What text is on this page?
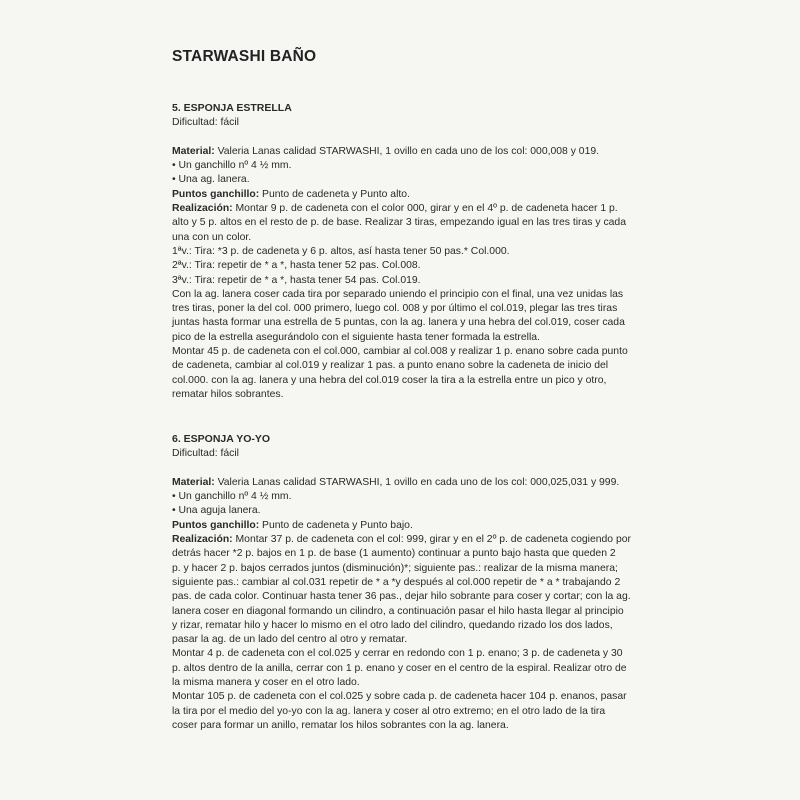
STARWASHI BAÑO
5. ESPONJA ESTRELLA
Dificultad: fácil
Material: Valeria Lanas calidad STARWASHI, 1 ovillo en cada uno de los col: 000,008 y 019.
• Un ganchillo nº 4 ½ mm.
• Una ag. lanera.
Puntos ganchillo: Punto de cadeneta y Punto alto.
Realización: Montar 9 p. de cadeneta con el color 000, girar y en el 4º p. de cadeneta hacer 1 p.
alto y 5 p. altos en el resto de p. de base. Realizar 3 tiras, empezando igual en las tres tiras y cada
una con un color.
1ªv.: Tira: *3 p. de cadeneta y 6 p. altos, así hasta tener 50 pas.* Col.000.
2ªv.: Tira: repetir de * a *, hasta tener 52 pas. Col.008.
3ªv.: Tira: repetir de * a *, hasta tener 54 pas. Col.019.
Con la ag. lanera coser cada tira por separado uniendo el principio con el final, una vez unidas las
tres tiras, poner la del col. 000 primero, luego col. 008 y por último el col.019, plegar las tres tiras
juntas hasta formar una estrella de 5 puntas, con la ag. lanera y una hebra del col.019, coser cada
pico de la estrella asegurándolo con el siguiente hasta tener formada la estrella.
Montar 45 p. de cadeneta con el col.000, cambiar al col.008 y realizar 1 p. enano sobre cada punto
de cadeneta, cambiar al col.019 y realizar 1 pas. a punto enano sobre la cadeneta de inicio del
col.000. con la ag. lanera y una hebra del col.019 coser la tira a la estrella entre un pico y otro,
rematar hilos sobrantes.
6. ESPONJA YO-YO
Dificultad: fácil
Material: Valeria Lanas calidad STARWASHI, 1 ovillo en cada uno de los col: 000,025,031 y 999.
• Un ganchillo nº 4 ½ mm.
• Una aguja lanera.
Puntos ganchillo: Punto de cadeneta y Punto bajo.
Realización: Montar 37 p. de cadeneta con el col: 999, girar y en el 2º p. de cadeneta cogiendo por
detrás hacer *2 p. bajos en 1 p. de base (1 aumento) continuar a punto bajo hasta que queden 2
p. y hacer 2 p. bajos cerrados juntos (disminución)*; siguiente pas.: realizar de la misma manera;
siguiente pas.: cambiar al col.031 repetir de * a *y después al col.000 repetir de * a * trabajando 2
pas. de cada color. Continuar hasta tener 36 pas., dejar hilo sobrante para coser y cortar; con la ag.
lanera coser en diagonal formando un cilindro, a continuación pasar el hilo hasta llegar al principio
y rizar, rematar hilo y hacer lo mismo en el otro lado del cilindro, quedando rizado los dos lados,
pasar la ag. de un lado del centro al otro y rematar.
Montar 4 p. de cadeneta con el col.025 y cerrar en redondo con 1 p. enano; 3 p. de cadeneta y 30
p. altos dentro de la anilla, cerrar con 1 p. enano y coser en el centro de la espiral. Realizar otro de
la misma manera y coser en el otro lado.
Montar 105 p. de cadeneta con el col.025 y sobre cada p. de cadeneta hacer 104 p. enanos, pasar
la tira por el medio del yo-yo con la ag. lanera y coser al otro extremo; en el otro lado de la tira
coser para formar un anillo, rematar los hilos sobrantes con la ag. lanera.
